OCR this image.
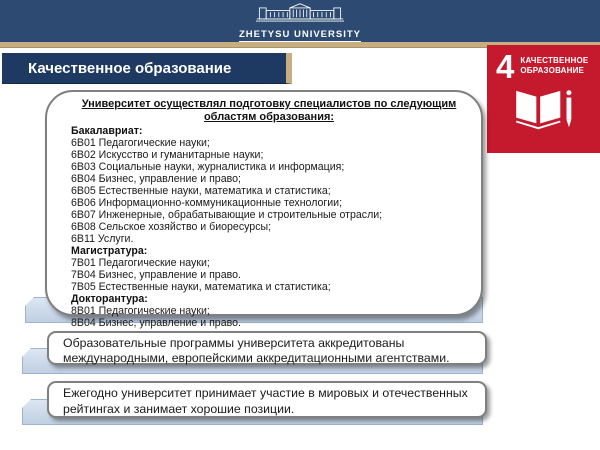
ZHETYSU UNIVERSITY
Качественное образование	4 КАЧЕСТВЕННОЕ
ОБРАЗОВАНИЕ
Университет осуществлял подготовку специалистов по следующим областям образования:
Бакалавриат:
6В01 Педагогические науки;
6В02 Искусство и гуманитарные науки;
6В03 Социальные науки, журналистика и информация;
6В04 Бизнес, управление и право;
6В05 Естественные науки, математика и статистика;
6В06 Информационно-коммуникационные технологии;
6В07 Инженерные, обрабатывающие и строительные отрасли;
6В08 Сельское хозяйство и биоресурсы;
6В11 Услуги.
Магистратура:
7В01 Педагогические науки;
7В04 Бизнес, управление и право.
7В05 Естественные науки, математика и статистика;
Докторантура:
8В01 Педагогические науки;
8В04 Бизнес, управление и право.
Образовательные программы университета аккредитованы
международными, европейскими аккредитационными агентствами.
Ежегодно университет принимает участие в мировых и отечественных
рейтингах и занимает хорошие позиции.
